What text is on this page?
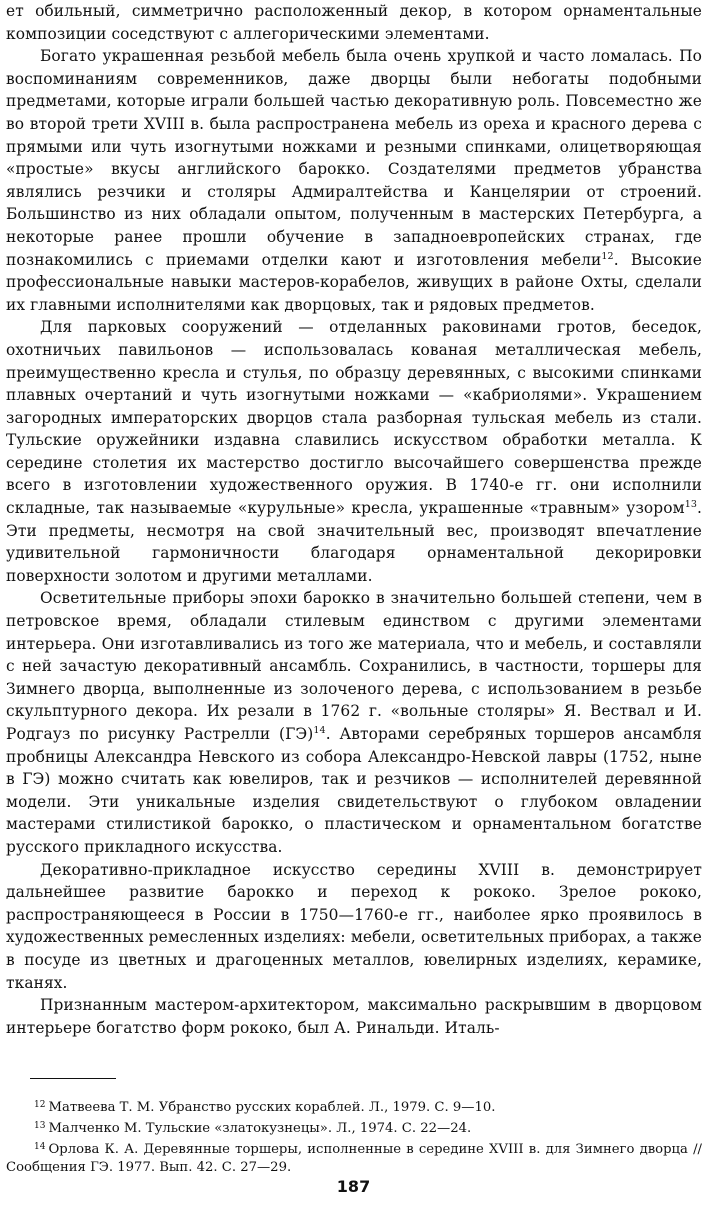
ет обильный, симметрично расположенный декор, в котором орнаментальные композиции соседствуют с аллегорическими элементами.

Богато украшенная резьбой мебель была очень хрупкой и часто ломалась. По воспоминаниям современников, даже дворцы были небогаты подобными предметами, которые играли большей частью декоративную роль. Повсеместно же во второй трети XVIII в. была распространена мебель из ореха и красного дерева с прямыми или чуть изогнутыми ножками и резными спинками, олицетворяющая «простые» вкусы английского барокко. Создателями предметов убранства являлись резчики и столяры Адмиралтейства и Канцелярии от строений. Большинство из них обладали опытом, полученным в мастерских Петербурга, а некоторые ранее прошли обучение в западноевропейских странах, где познакомились с приемами отделки кают и изготовления мебели$^{12}$. Высокие профессиональные навыки мастеров-корабелов, живущих в районе Охты, сделали их главными исполнителями как дворцовых, так и рядовых предметов.

Для парковых сооружений — отделанных раковинами гротов, беседок, охотничьих павильонов — использовалась кованая металлическая мебель, преимущественно кресла и стулья, по образцу деревянных, с высокими спинками плавных очертаний и чуть изогнутыми ножками — «кабриолями». Украшением загородных императорских дворцов стала разборная тульская мебель из стали. Тульские оружейники издавна славились искусством обработки металла. К середине столетия их мастерство достигло высочайшего совершенства прежде всего в изготовлении художественного оружия. В 1740-е гг. они исполнили складные, так называемые «курульные» кресла, украшенные «травным» узором$^{13}$. Эти предметы, несмотря на свой значительный вес, производят впечатление удивительной гармоничности благодаря орнаментальной декорировки поверхности золотом и другими металлами.

Осветительные приборы эпохи барокко в значительно большей степени, чем в петровское время, обладали стилевым единством с другими элементами интерьера. Они изготавливались из того же материала, что и мебель, и составляли с ней зачастую декоративный ансамбль. Сохранились, в частности, торшеры для Зимнего дворца, выполненные из золоченого дерева, с использованием в резьбе скульптурного декора. Их резали в 1762 г. «вольные столяры» Я. Веcтвал и И. Родгауз по рисунку Растрелли (ГЭ)$^{14}$. Авторами серебряных торшеров ансамбля пробницы Александра Невского из собора Александро-Невской лавры (1752, ныне в ГЭ) можно считать как ювелиров, так и резчиков — исполнителей деревянной модели. Эти уникальные изделия свидетельствуют о глубоком овладении мастерами стилистикой барокко, о пластическом и орнаментальном богатстве русского прикладного искусства.

Декоративно-прикладное искусство середины XVIII в. демонстрирует дальнейшее развитие барокко и переход к рококо. Зрелое рококо, распространяющееся в России в 1750—1760-е гг., наиболее ярко проявилось в художественных ремесленных изделиях: мебели, осветительных приборах, а также в посуде из цветных и драгоценных металлов, ювелирных изделиях, керамике, тканях.

Признанным мастером-архитектором, максимально раскрывшим в дворцовом интерьере богатство форм рококо, был А. Ринальди. Италь-

$^{12}$ Матвеева Т. М. Убранство русских кораблей. Л., 1979. С. 9—10.

$^{13}$ Малченко М. Тульские «златокузнецы». Л., 1974. С. 22—24.

$^{14}$ Орлова К. А. Деревянные торшеры, исполненные в середине XVIII в. для Зимнего дворца // Сообщения ГЭ. 1977. Вып. 42. С. 27—29.

187
